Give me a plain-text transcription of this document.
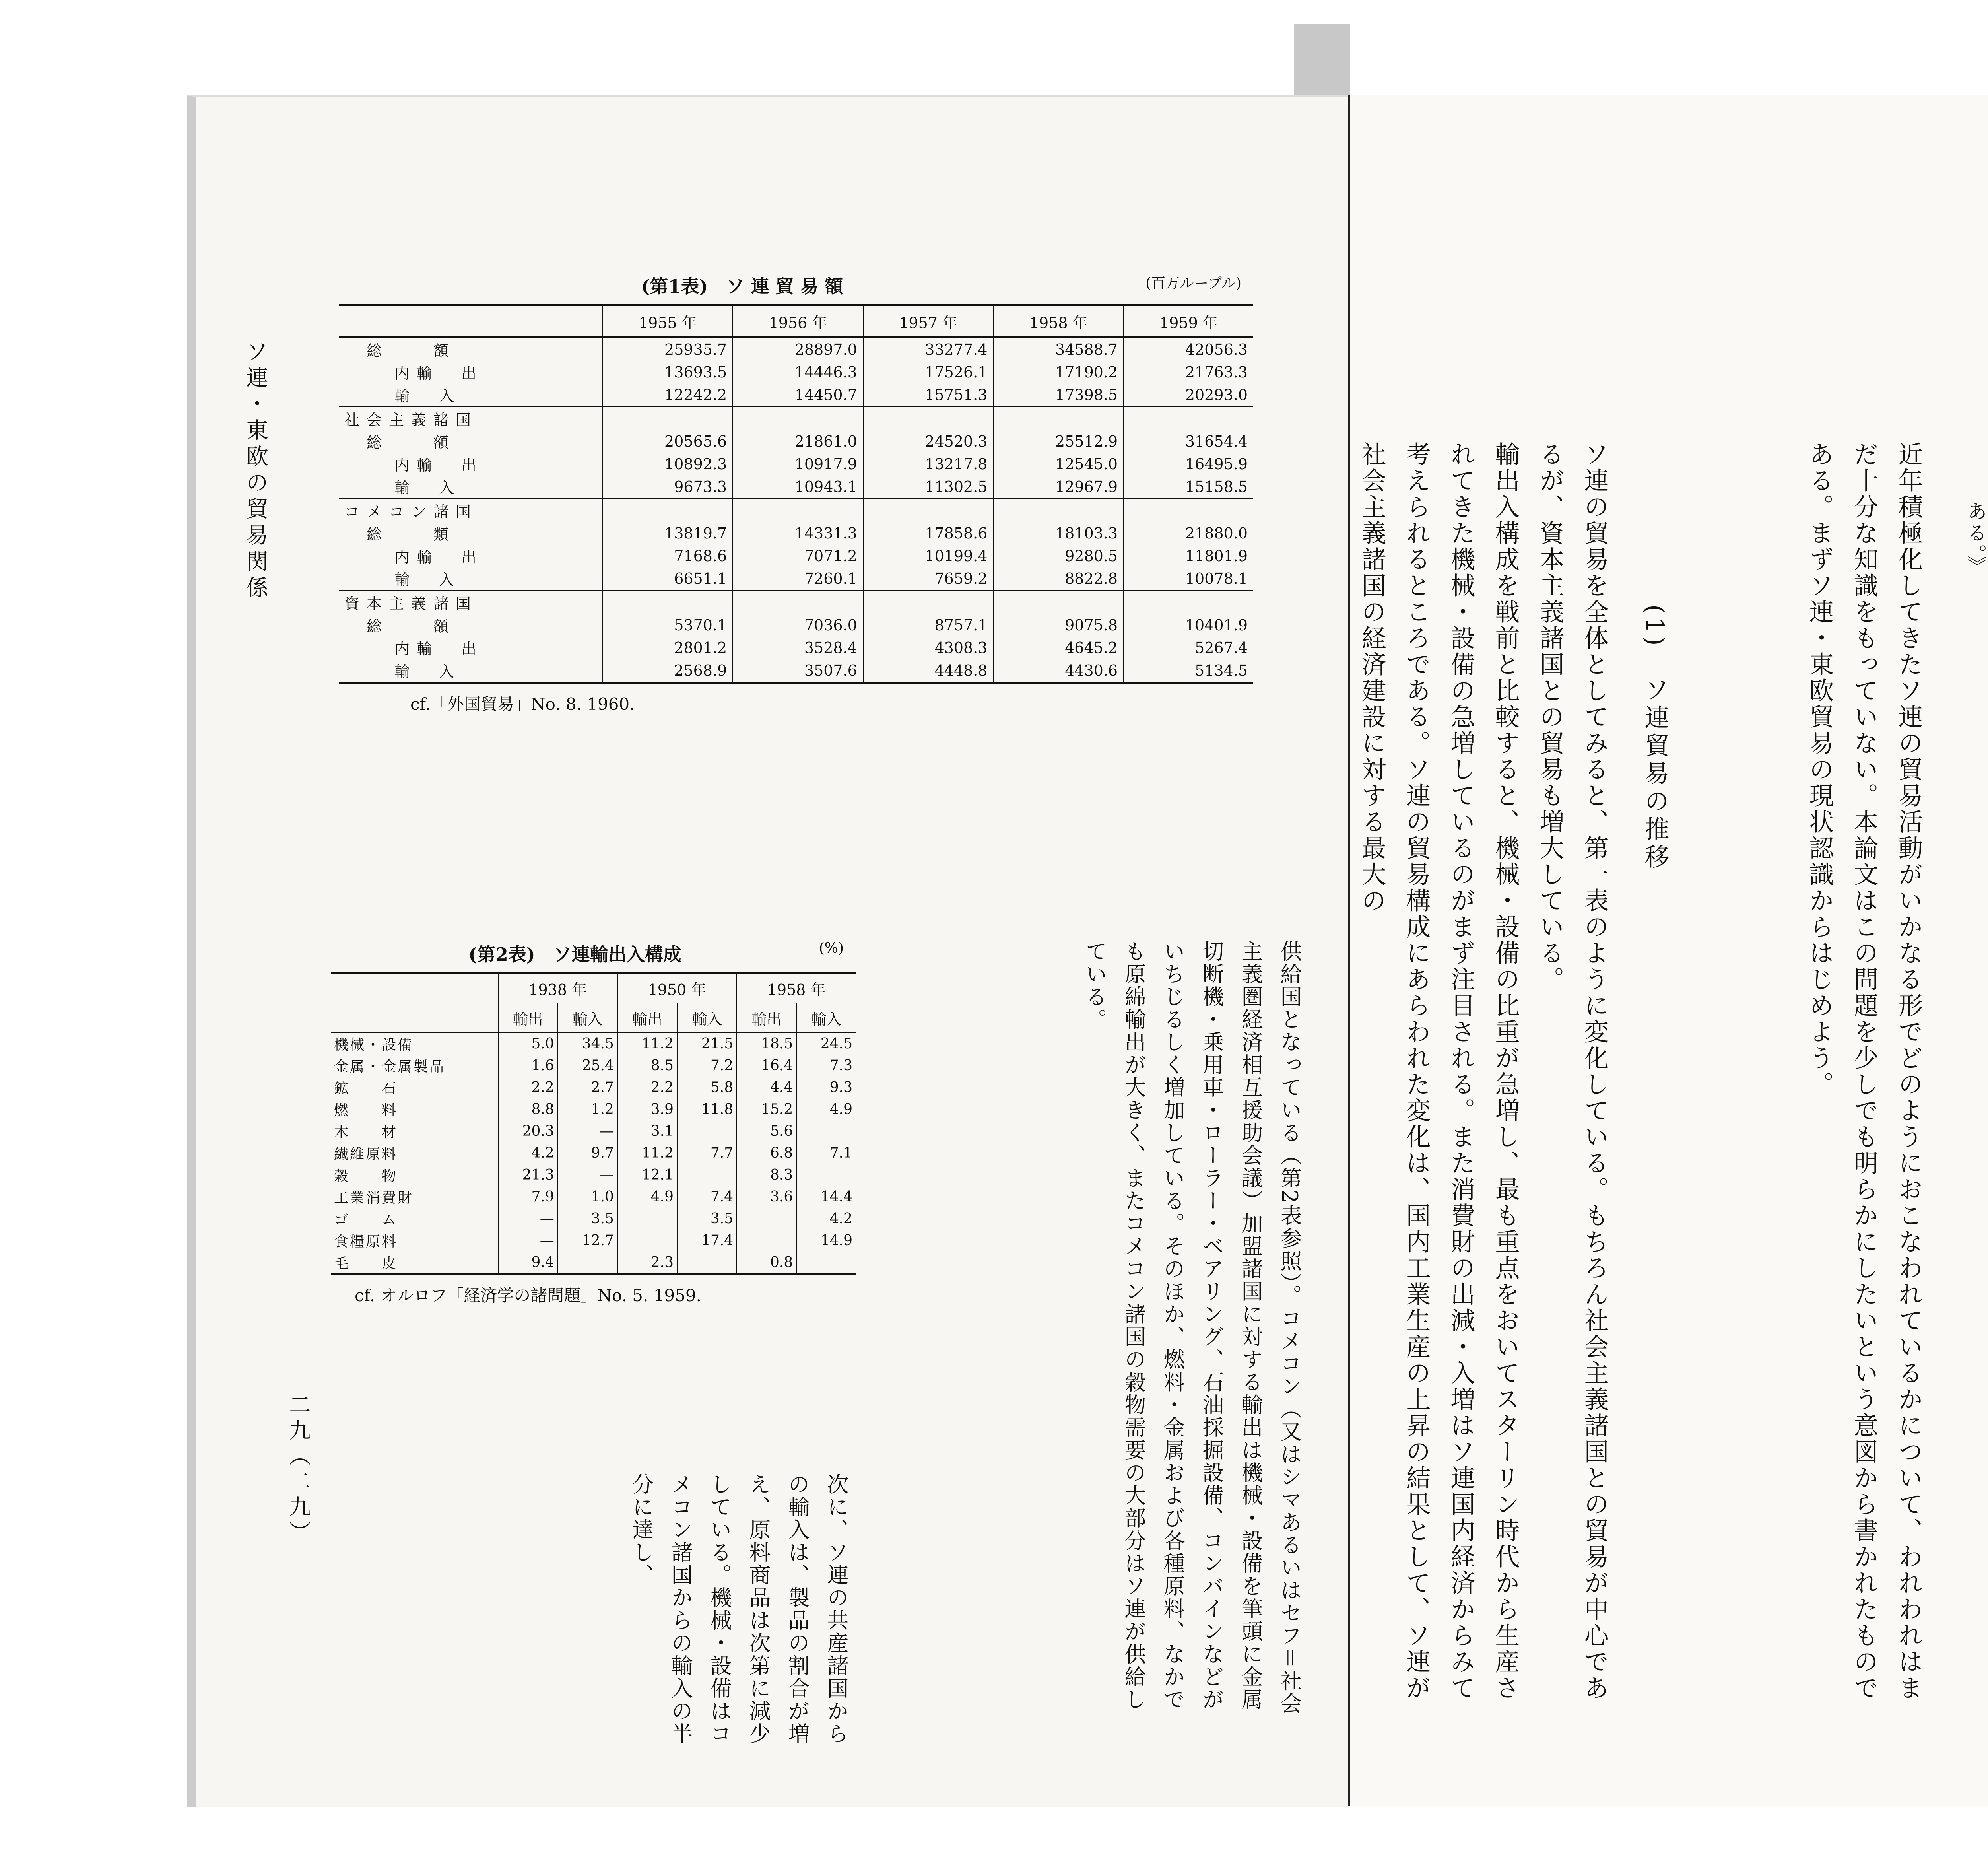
ソ連・東欧の貿易関係
二九（二九）
(第1表)　ソ 連 貿 易 額	(百万ルーブル)
	1955 年	1956 年	1957 年	1958 年	1959 年
総　　額	25935.7	28897.0	33277.4	34588.7	42056.3
内輸　出	13693.5	14446.3	17526.1	17190.2	21763.3
輸　入	12242.2	14450.7	15751.3	17398.5	20293.0
社会主義諸国					
総　　額	20565.6	21861.0	24520.3	25512.9	31654.4
内輸　出	10892.3	10917.9	13217.8	12545.0	16495.9
輸　入	9673.3	10943.1	11302.5	12967.9	15158.5
コメコン諸国					
総　　類	13819.7	14331.3	17858.6	18103.3	21880.0
内輸　出	7168.6	7071.2	10199.4	9280.5	11801.9
輸　入	6651.1	7260.1	7659.2	8822.8	10078.1
資本主義諸国					
総　　額	5370.1	7036.0	8757.1	9075.8	10401.9
内輸　出	2801.2	3528.4	4308.3	4645.2	5267.4
輸　入	2568.9	3507.6	4448.8	4430.6	5134.5
cf.「外国貿易」No. 8. 1960.
(第2表)　ソ連輸出入構成	(%)
	1938 年		1950 年		1958 年	
	輸出	輸入	輸出	輸入	輸出	輸入
機械・設備	5.0	34.5	11.2	21.5	18.5	24.5
金属・金属製品	1.6	25.4	8.5	7.2	16.4	7.3
鉱　　石	2.2	2.7	2.2	5.8	4.4	9.3
燃　　料	8.8	1.2	3.9	11.8	15.2	4.9
木　　材	20.3	—	3.1		5.6	
繊維原料	4.2	9.7	11.2	7.7	6.8	7.1
穀　　物	21.3	—	12.1		8.3	
工業消費財	7.9	1.0	4.9	7.4	3.6	14.4
ゴ　　ム	—	3.5		3.5		4.2
食糧原料	—	12.7		17.4		14.9
毛　　皮	9.4		2.3		0.8	
cf. オルロフ「経済学の諸問題」No. 5. 1959.	供給国となっている（第2表参照）。コメコン（又はシマあるいはセフ＝社会主義圏経済相互援助会議）加盟諸国に対する輸出は機械・設備を筆頭に金属切断機・乗用車・ローラー・ベアリング、石油採掘設備、コンバインなどがいちじるしく増加している。そのほか、燃料・金属および各種原料、なかでも原綿輸出が大きく、またコメコン諸国の穀物需要の大部分はソ連が供給している。
次に、ソ連の共産諸国からの輸入は、製品の割合が増え、原料商品は次第に減少している。機械・設備はコメコン諸国からの輸入の半分に達し、
ある。》
近年積極化してきたソ連の貿易活動がいかなる形でどのようにおこなわれているかについて、われわれはまだ十分な知識をもっていない。本論文はこの問題を少しでも明らかにしたいという意図から書かれたものである。まずソ連・東欧貿易の現状認識からはじめよう。
(1)　ソ連貿易の推移
ソ連の貿易を全体としてみると、第一表のように変化している。もちろん社会主義諸国との貿易が中心であるが、資本主義諸国との貿易も増大している。
輸出入構成を戦前と比較すると、機械・設備の比重が急増し、最も重点をおいてスターリン時代から生産されてきた機械・設備の急増しているのがまず注目される。また消費財の出減・入増はソ連国内経済からみて考えられるところである。ソ連の貿易構成にあらわれた変化は、国内工業生産の上昇の結果として、ソ連が社会主義諸国の経済建設に対する最大の
